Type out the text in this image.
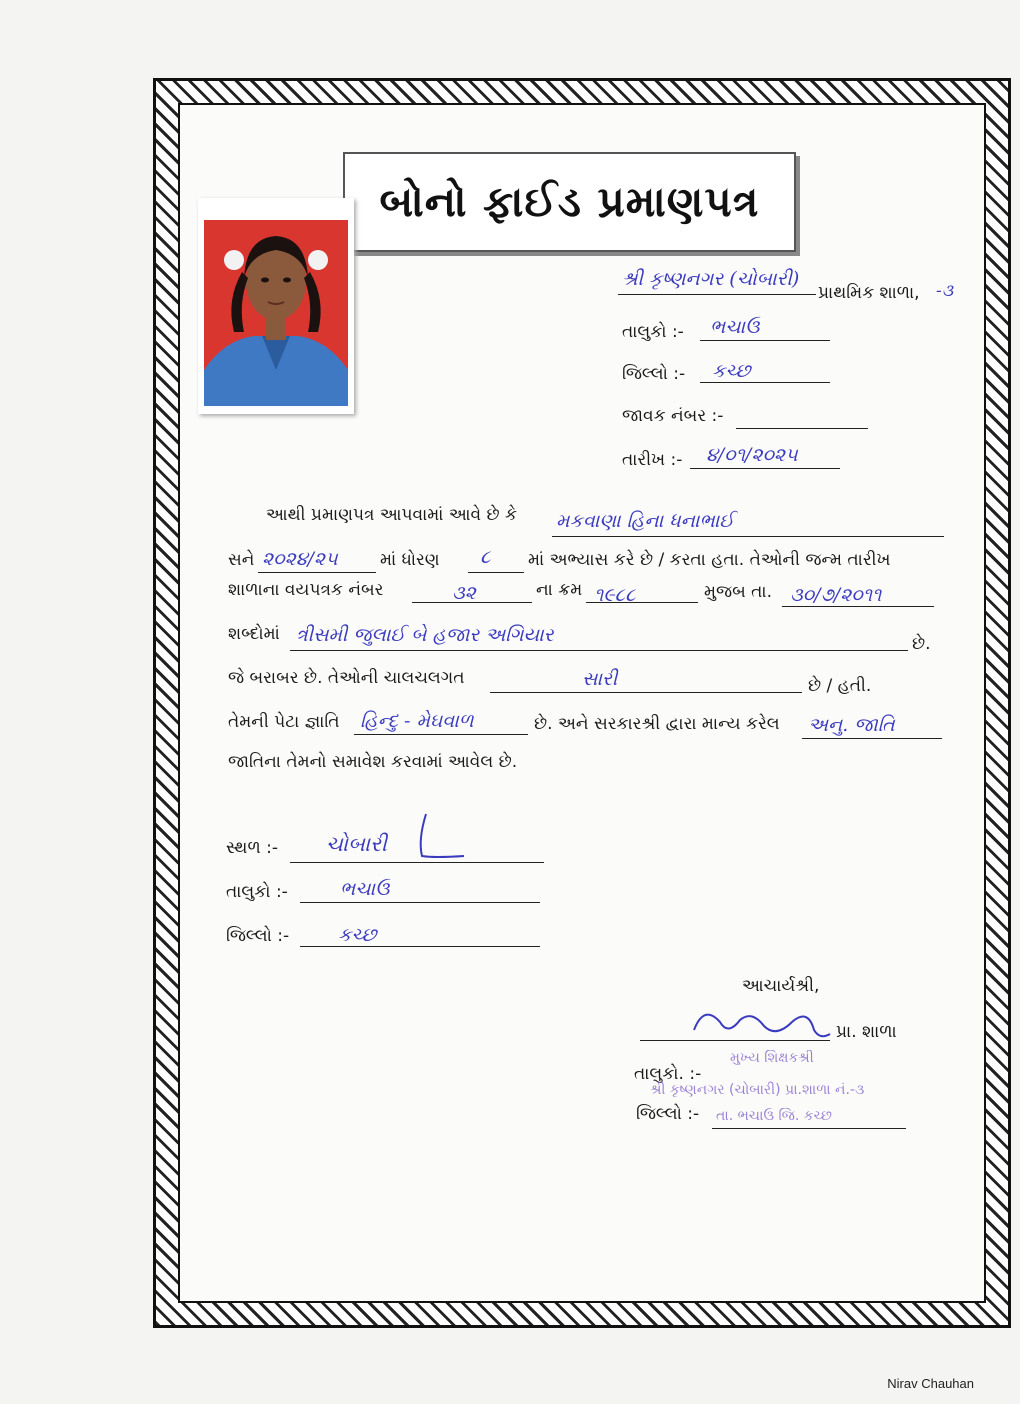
બોનો ફાઈડ પ્રમાણપત્ર
શ્રી કૃષ્ણનગર (ચોબારી)
પ્રાથમિક શાળા, -૩
તાલુકો :- ભચાઉ
જિલ્લો :- કચ્છ
જાવક નંબર :-
તારીખ :- ૪/૦૧/૨૦૨૫
આથી પ્રમાણપત્ર આપવામાં આવે છે કે મકવાણા હિના ધનાભાઈ
સને ૨૦૨૪/૨૫ માં ધોરણ ૮ માં અભ્યાસ કરે છે / કરતા હતા. તેઓની જન્મ તારીખ
શાળાના વયપત્રક નંબર	૩૨	ના ક્રમ ૧૯૮૮	મુજબ તા. ૩૦/૭/૨૦૧૧
શબ્દોમાં ત્રીસમી જુલાઈ બે હજાર અગિયાર	છે.
જે બરાબર છે. તેઓની ચાલચલગત	સારી	છે / હતી.
તેમની પેટા જ્ઞાતિ હિન્દુ - મેઘવાળ	છે. અને સરકારશ્રી દ્વારા માન્ય કરેલ અનુ. જાતિ
જાતિના તેમનો સમાવેશ કરવામાં આવેલ છે.
સ્થળ :- ચોબારી
તાલુકો :-	ભચાઉ
જિલ્લો :-	કચ્છ
આચાર્યશ્રી,
પ્રા. શાળા
મુખ્ય શિક્ષકશ્રી
તાલુકો. :-
શ્રી કૃષ્ણનગર (ચોબારી) પ્રા.શાળા નં.-૩
જિલ્લો :- તા. ભચાઉ જિ. કચ્છ
Nirav Chauhan
